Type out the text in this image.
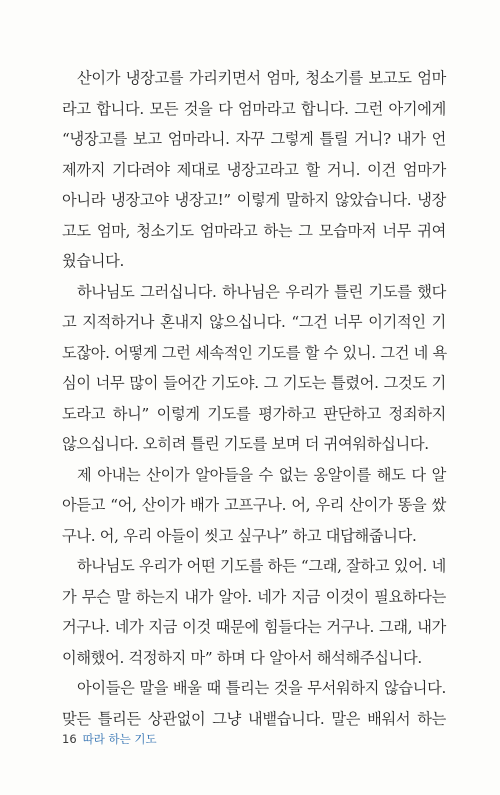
산이가 냉장고를 가리키면서 엄마, 청소기를 보고도 엄마
라고 합니다. 모든 것을 다 엄마라고 합니다. 그런 아기에게
“냉장고를 보고 엄마라니. 자꾸 그렇게 틀릴 거니? 내가 언
제까지 기다려야 제대로 냉장고라고 할 거니. 이건 엄마가
아니라 냉장고야 냉장고!” 이렇게 말하지 않았습니다. 냉장
고도 엄마, 청소기도 엄마라고 하는 그 모습마저 너무 귀여
웠습니다.
하나님도 그러십니다. 하나님은 우리가 틀린 기도를 했다
고 지적하거나 혼내지 않으십니다. “그건 너무 이기적인 기
도잖아. 어떻게 그런 세속적인 기도를 할 수 있니. 그건 네 욕
심이 너무 많이 들어간 기도야. 그 기도는 틀렸어. 그것도 기
도라고 하니” 이렇게 기도를 평가하고 판단하고 정죄하지
않으십니다. 오히려 틀린 기도를 보며 더 귀여워하십니다.
제 아내는 산이가 알아들을 수 없는 옹알이를 해도 다 알
아듣고 “어, 산이가 배가 고프구나. 어, 우리 산이가 똥을 쌌
구나. 어, 우리 아들이 씻고 싶구나” 하고 대답해줍니다.
하나님도 우리가 어떤 기도를 하든 “그래, 잘하고 있어. 네
가 무슨 말 하는지 내가 알아. 네가 지금 이것이 필요하다는
거구나. 네가 지금 이것 때문에 힘들다는 거구나. 그래, 내가
이해했어. 걱정하지 마” 하며 다 알아서 해석해주십니다.
아이들은 말을 배울 때 틀리는 것을 무서워하지 않습니다.
맞든 틀리든 상관없이 그냥 내뱉습니다. 말은 배워서 하는
16 따라 하는 기도
